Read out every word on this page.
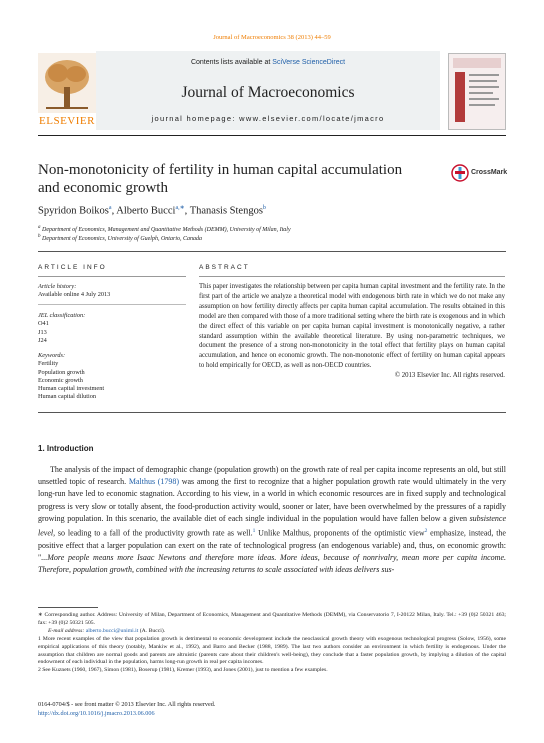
Journal of Macroeconomics 38 (2013) 44–59
Contents lists available at SciVerse ScienceDirect
Journal of Macroeconomics
journal homepage: www.elsevier.com/locate/jmacro
ELSEVIER
Non-monotonicity of fertility in human capital accumulation
and economic growth
CrossMark
Spyridon Boikos$^a$, Alberto Bucci$^{a,∗}$, Thanasis Stengos$^b$
$^a$ Department of Economics, Management and Quantitative Methods (DEMM), University of Milan, Italy
$^b$ Department of Economics, University of Guelph, Ontario, Canada
ARTICLE INFO	ABSTRACT
Article history:
Available online 4 July 2013
JEL classification:
O41
J13
J24
Keywords:
Fertility
Population growth
Economic growth
Human capital investment
Human capital dilution
This paper investigates the relationship between per capita human capital investment and the fertility rate. In the first part of the article we analyze a theoretical model with endogenous birth rate in which we do not make any assumption on how fertility directly affects per capita human capital accumulation. The results obtained in this model are then compared with those of a more traditional setting where the birth rate is exogenous and in which the direct effect of this variable on per capita human capital investment is monotonically negative, a rather standard assumption within the available theoretical literature. By using non-parametric techniques, we document the presence of a strong non-monotonicity in the total effect that fertility plays on human capital accumulation, and hence on economic growth. The non-monotonic effect of fertility on human capital appears to hold empirically for OECD, as well as non-OECD countries.
© 2013 Elsevier Inc. All rights reserved.
1. Introduction
The analysis of the impact of demographic change (population growth) on the growth rate of real per capita income represents an old, but still unsettled topic of research. Malthus (1798) was among the first to recognize that a higher population growth rate would ultimately in the very long-run have led to economic stagnation. According to his view, in a world in which economic resources are in fixed supply and technological progress is very slow or totally absent, the food-production activity would, sooner or later, have been overwhelmed by the pressures of a rapidly growing population. In this scenario, the available diet of each single individual in the population would have fallen below a given subsistence level, so leading to a fall of the productivity growth rate as well.$^1$ Unlike Malthus, proponents of the optimistic view$^2$ emphasize, instead, the positive effect that a larger population can exert on the rate of technological progress (an endogenous variable) and, thus, on economic growth: "...More people means more Isaac Newtons and therefore more ideas. More ideas, because of nonrivalry, mean more per capita income. Therefore, population growth, combined with the increasing returns to scale associated with ideas delivers sus-

∗ Corresponding author. Address: University of Milan, Department of Economics, Management and Quantitative Methods (DEMM), via Conservatorio 7, I-20122 Milan, Italy. Tel.: +39 (0)2 50321 463; fax: +39 (0)2 50321 505.

E-mail address: alberto.bucci@unimi.it (A. Bucci).

1 More recent examples of the view that population growth is detrimental to economic development include the neoclassical growth theory with exogenous technological progress (Solow, 1956), some empirical applications of this theory (notably, Mankiw et al., 1992), and Barro and Becker (1988, 1989). The last two authors consider an environment in which fertility is endogenous. Under the assumption that children are normal goods and parents are altruistic (parents care about their children's well-being), they conclude that a faster population growth, by implying a dilution of the capital endowment of each individual in the population, harms long-run growth in real per capita incomes.

2 See Kuznets (1960, 1967), Simon (1981), Boserup (1981), Kremer (1993), and Jones (2001), just to mention a few examples.

0164-0704/$ - see front matter © 2013 Elsevier Inc. All rights reserved.
http://dx.doi.org/10.1016/j.jmacro.2013.06.006
